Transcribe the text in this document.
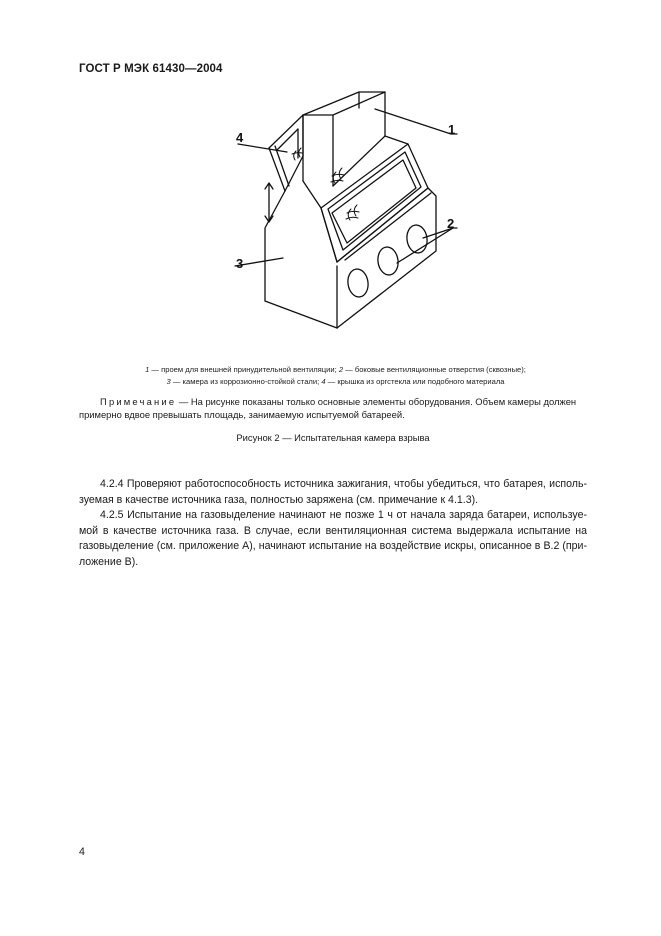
ГОСТ Р МЭК 61430—2004
1
2
3
4
1 — проем для внешней принудительной вентиляции; 2 — боковые вентиляционные отверстия (сквозные);
3 — камера из коррозионно-стойкой стали; 4 — крышка из оргстекла или подобного материала
Примечание — На рисунке показаны только основные элементы оборудования. Объем камеры должен
примерно вдвое превышать площадь, занимаемую испытуемой батареей.
Рисунок 2 — Испытательная камера взрыва
4.2.4 Проверяют работоспособность источника зажигания, чтобы убедиться, что батарея, исполь-
зуемая в качестве источника газа, полностью заряжена (см. примечание к 4.1.3).
4.2.5 Испытание на газовыделение начинают не позже 1 ч от начала заряда батареи, используе-
мой в качестве источника газа. В случае, если вентиляционная система выдержала испытание на
газовыделение (см. приложение А), начинают испытание на воздействие искры, описанное в В.2 (при-
ложение В).
4
